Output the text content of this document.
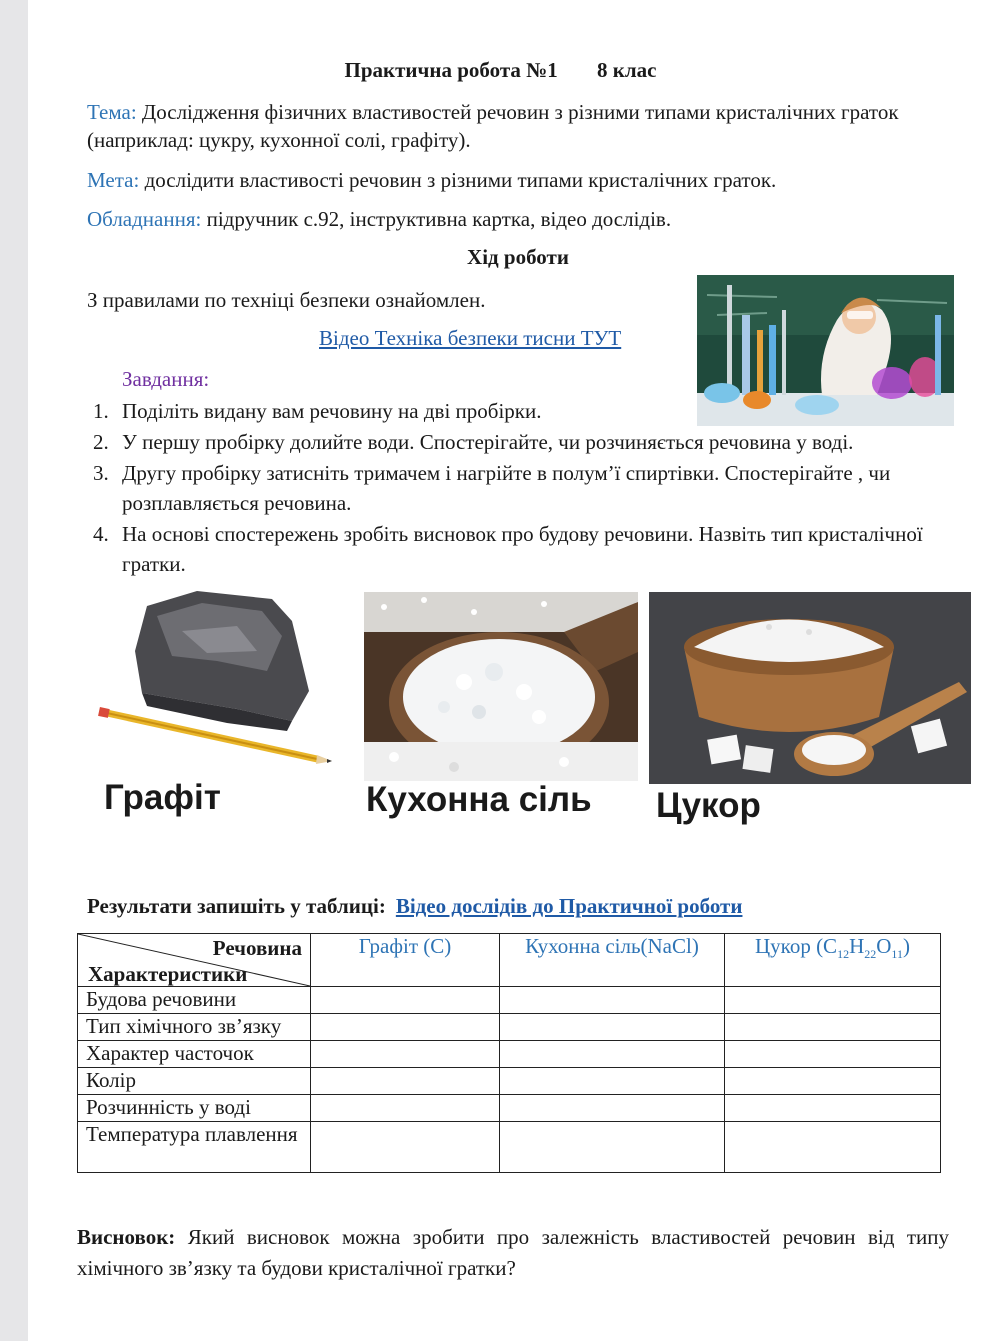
Практична робота №1 8 клас
Тема: Дослідження фізичних властивостей речовин з різними типами кристалічних граток (наприклад: цукру, кухонної солі, графіту).
Мета: дослідити властивості речовин з різними типами кристалічних граток.
Обладнання: підручник с.92, інструктивна картка, відео дослідів.
Хід роботи
З правилами по техніці безпеки ознайомлен.
Відео Техніка безпеки тисни ТУТ
Завдання:
1. Поділіть видану вам речовину на дві пробірки.
2. У першу пробірку долийте води. Спостерігайте, чи розчиняється речовина у воді.
3. Другу пробірку затисніть тримачем і нагрійте в полум’ї спиртівки. Спостерігайте , чи розплавляється речовина.
4. На основі спостережень зробіть висновок про будову речовини. Назвіть тип кристалічної гратки.
Графіт	Кухонна сіль Цукор
Результати запишіть у таблиці: Відео дослідів до Практичної роботи
Речовина
Характеристики	Графіт (С)	Кухонна сіль(NaCl)	Цукор $(С_{12}Н_{22}О_{11})$
Будова речовини			
Тип хімічного зв’язку			
Характер часточок			
Колір			
Розчинність у воді			
Температура плавлення			
Висновок: Який висновок можна зробити про залежність властивостей речовин від типу хімічного зв’язку та будови кристалічної гратки?
